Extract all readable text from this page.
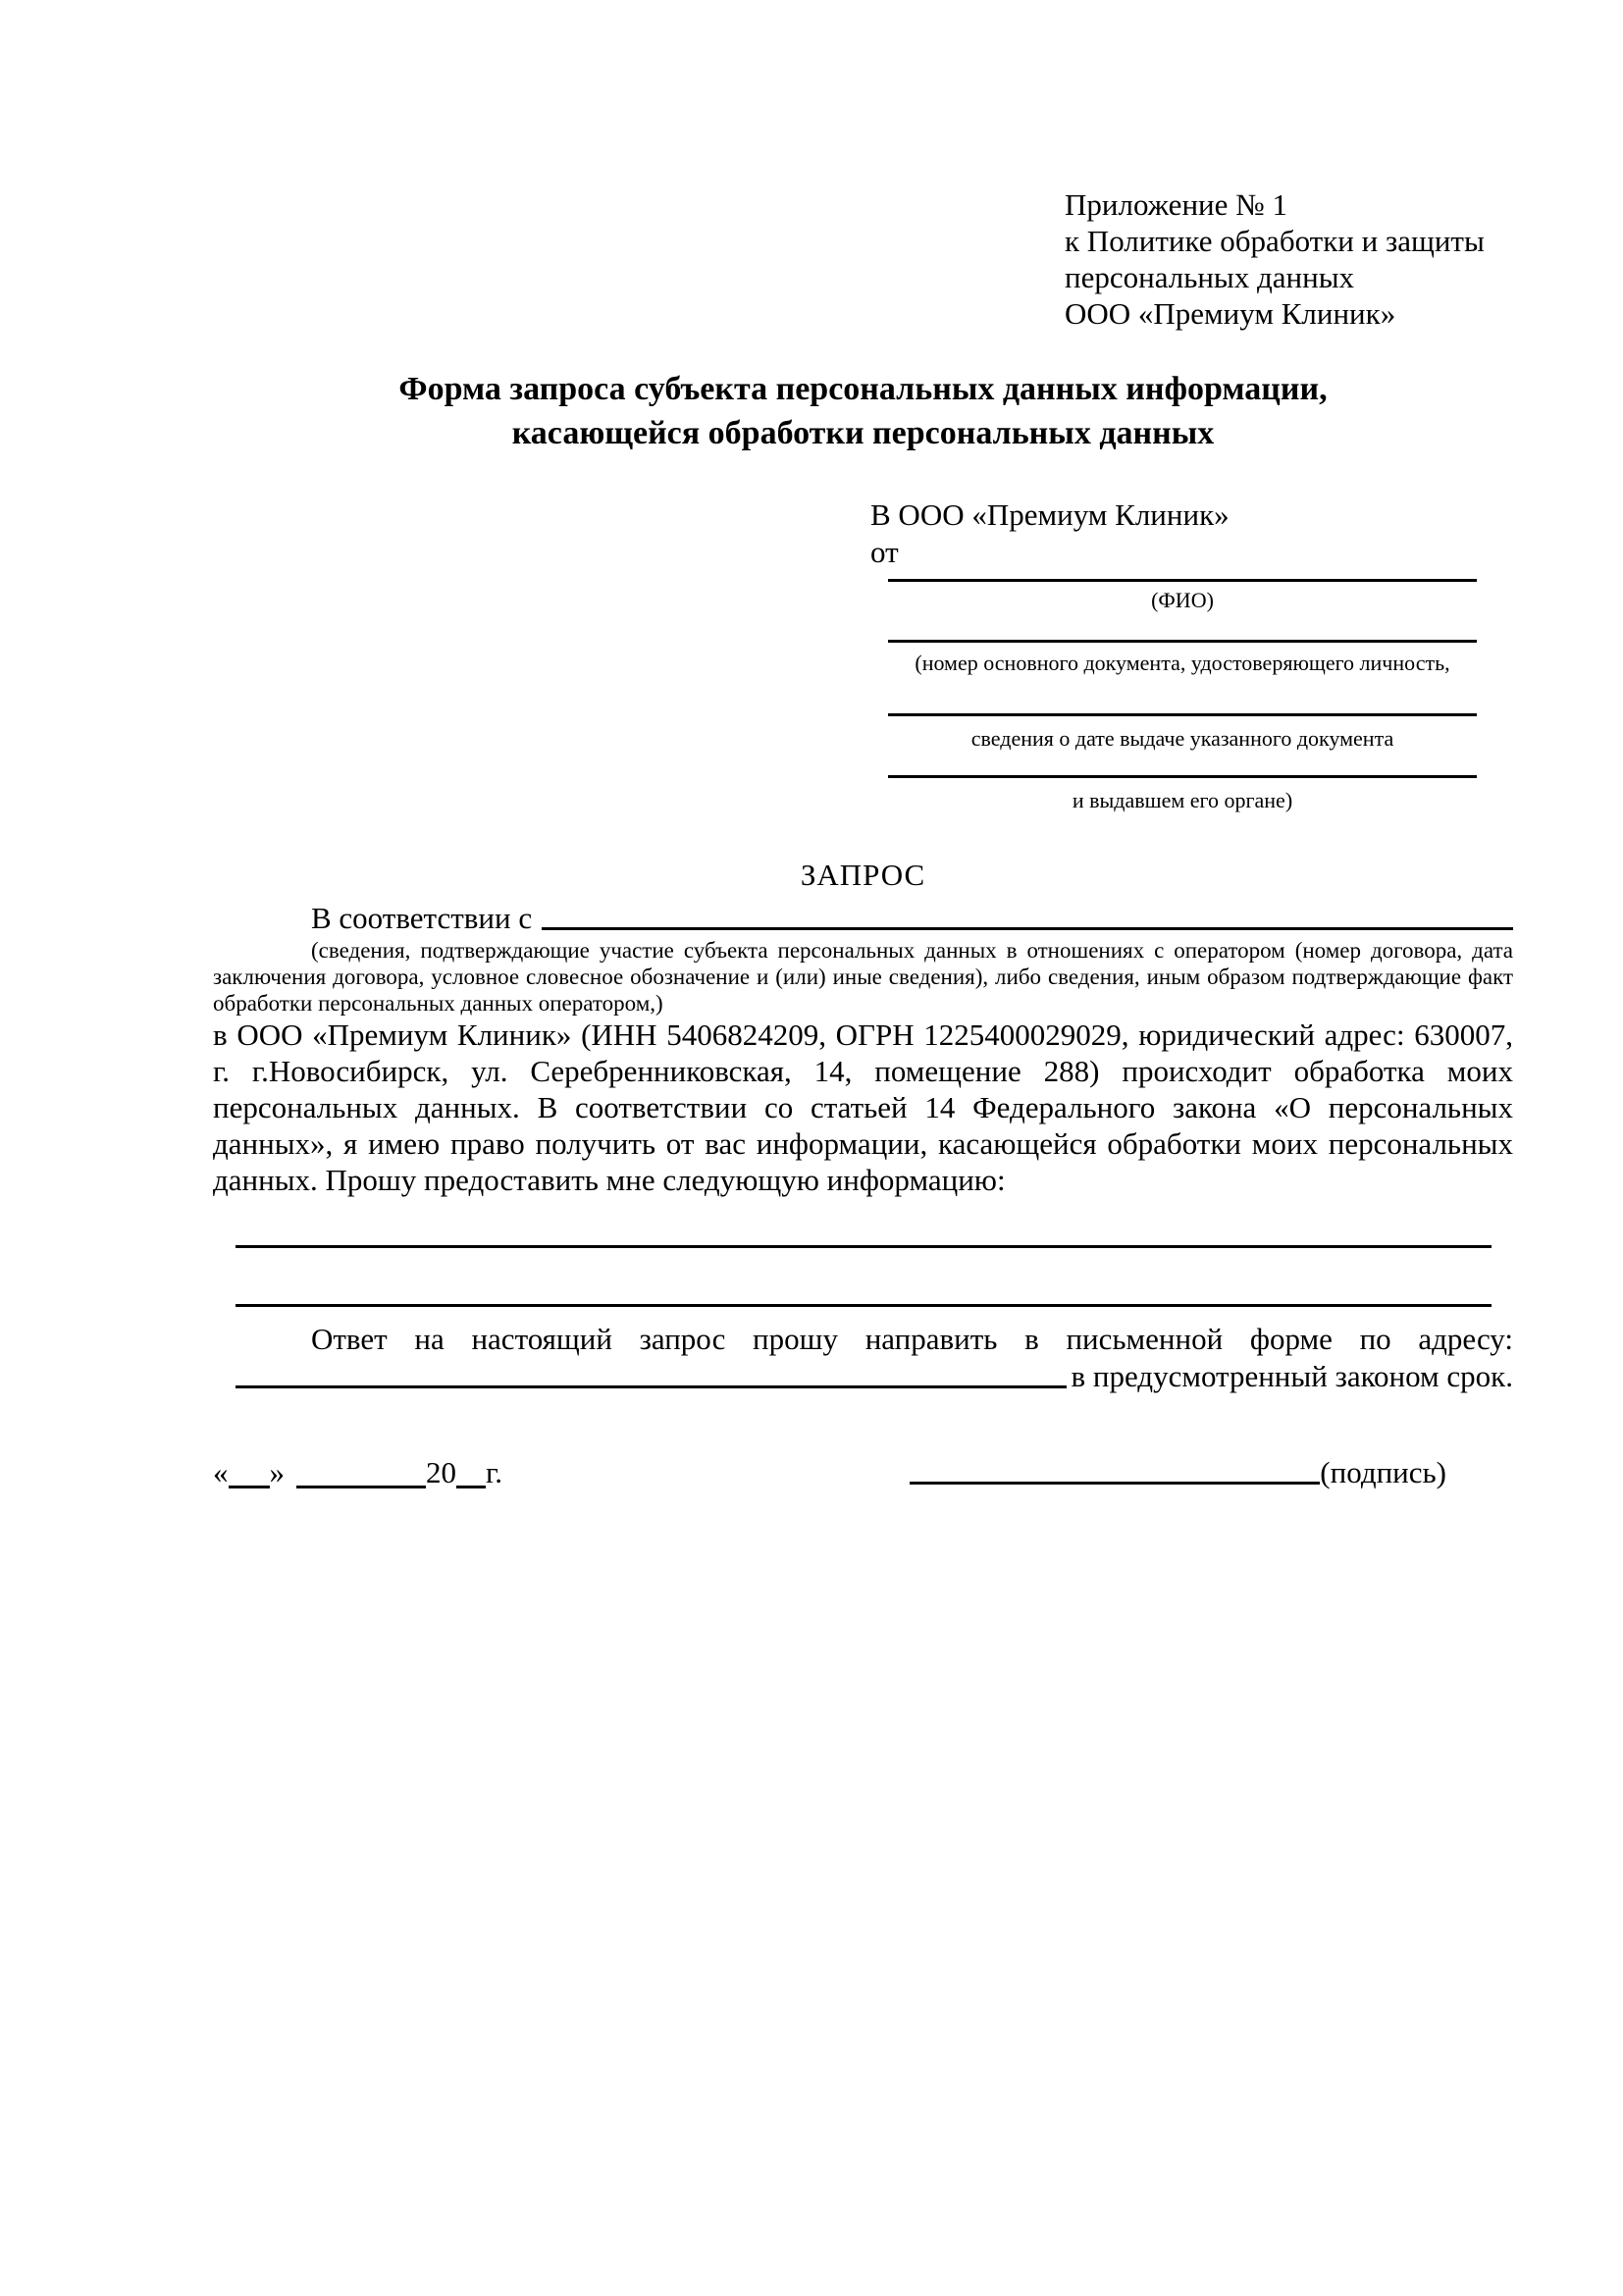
Приложение № 1
к Политике обработки и защиты
персональных данных
ООО «Премиум Клиник»
Форма запроса субъекта персональных данных информации,
касающейся обработки персональных данных
В ООО «Премиум Клиник»
от
(ФИО)
(номер основного документа, удостоверяющего личность,
сведения о дате выдаче указанного документа
и выдавшем его органе)
ЗАПРОС
В соответствии с

(сведения, подтверждающие участие субъекта персональных данных в отношениях с оператором (номер договора, дата заключения договора, условное словесное обозначение и (или) иные сведения), либо сведения, иным образом подтверждающие факт обработки персональных данных оператором,)

в ООО «Премиум Клиник» (ИНН 5406824209, ОГРН 1225400029029, юридический адрес: 630007, г. г.Новосибирск, ул. Серебренниковская, 14, помещение 288) происходит обработка моих персональных данных. В соответствии со статьей 14 Федерального закона «О персональных данных», я имею право получить от вас информации, касающейся обработки моих персональных данных. Прошу предоставить мне следующую информацию:

Ответ на настоящий запрос прошу направить в письменной форме по адресу:

в предусмотренный законом срок.
« »	20 г.	(подпись)
